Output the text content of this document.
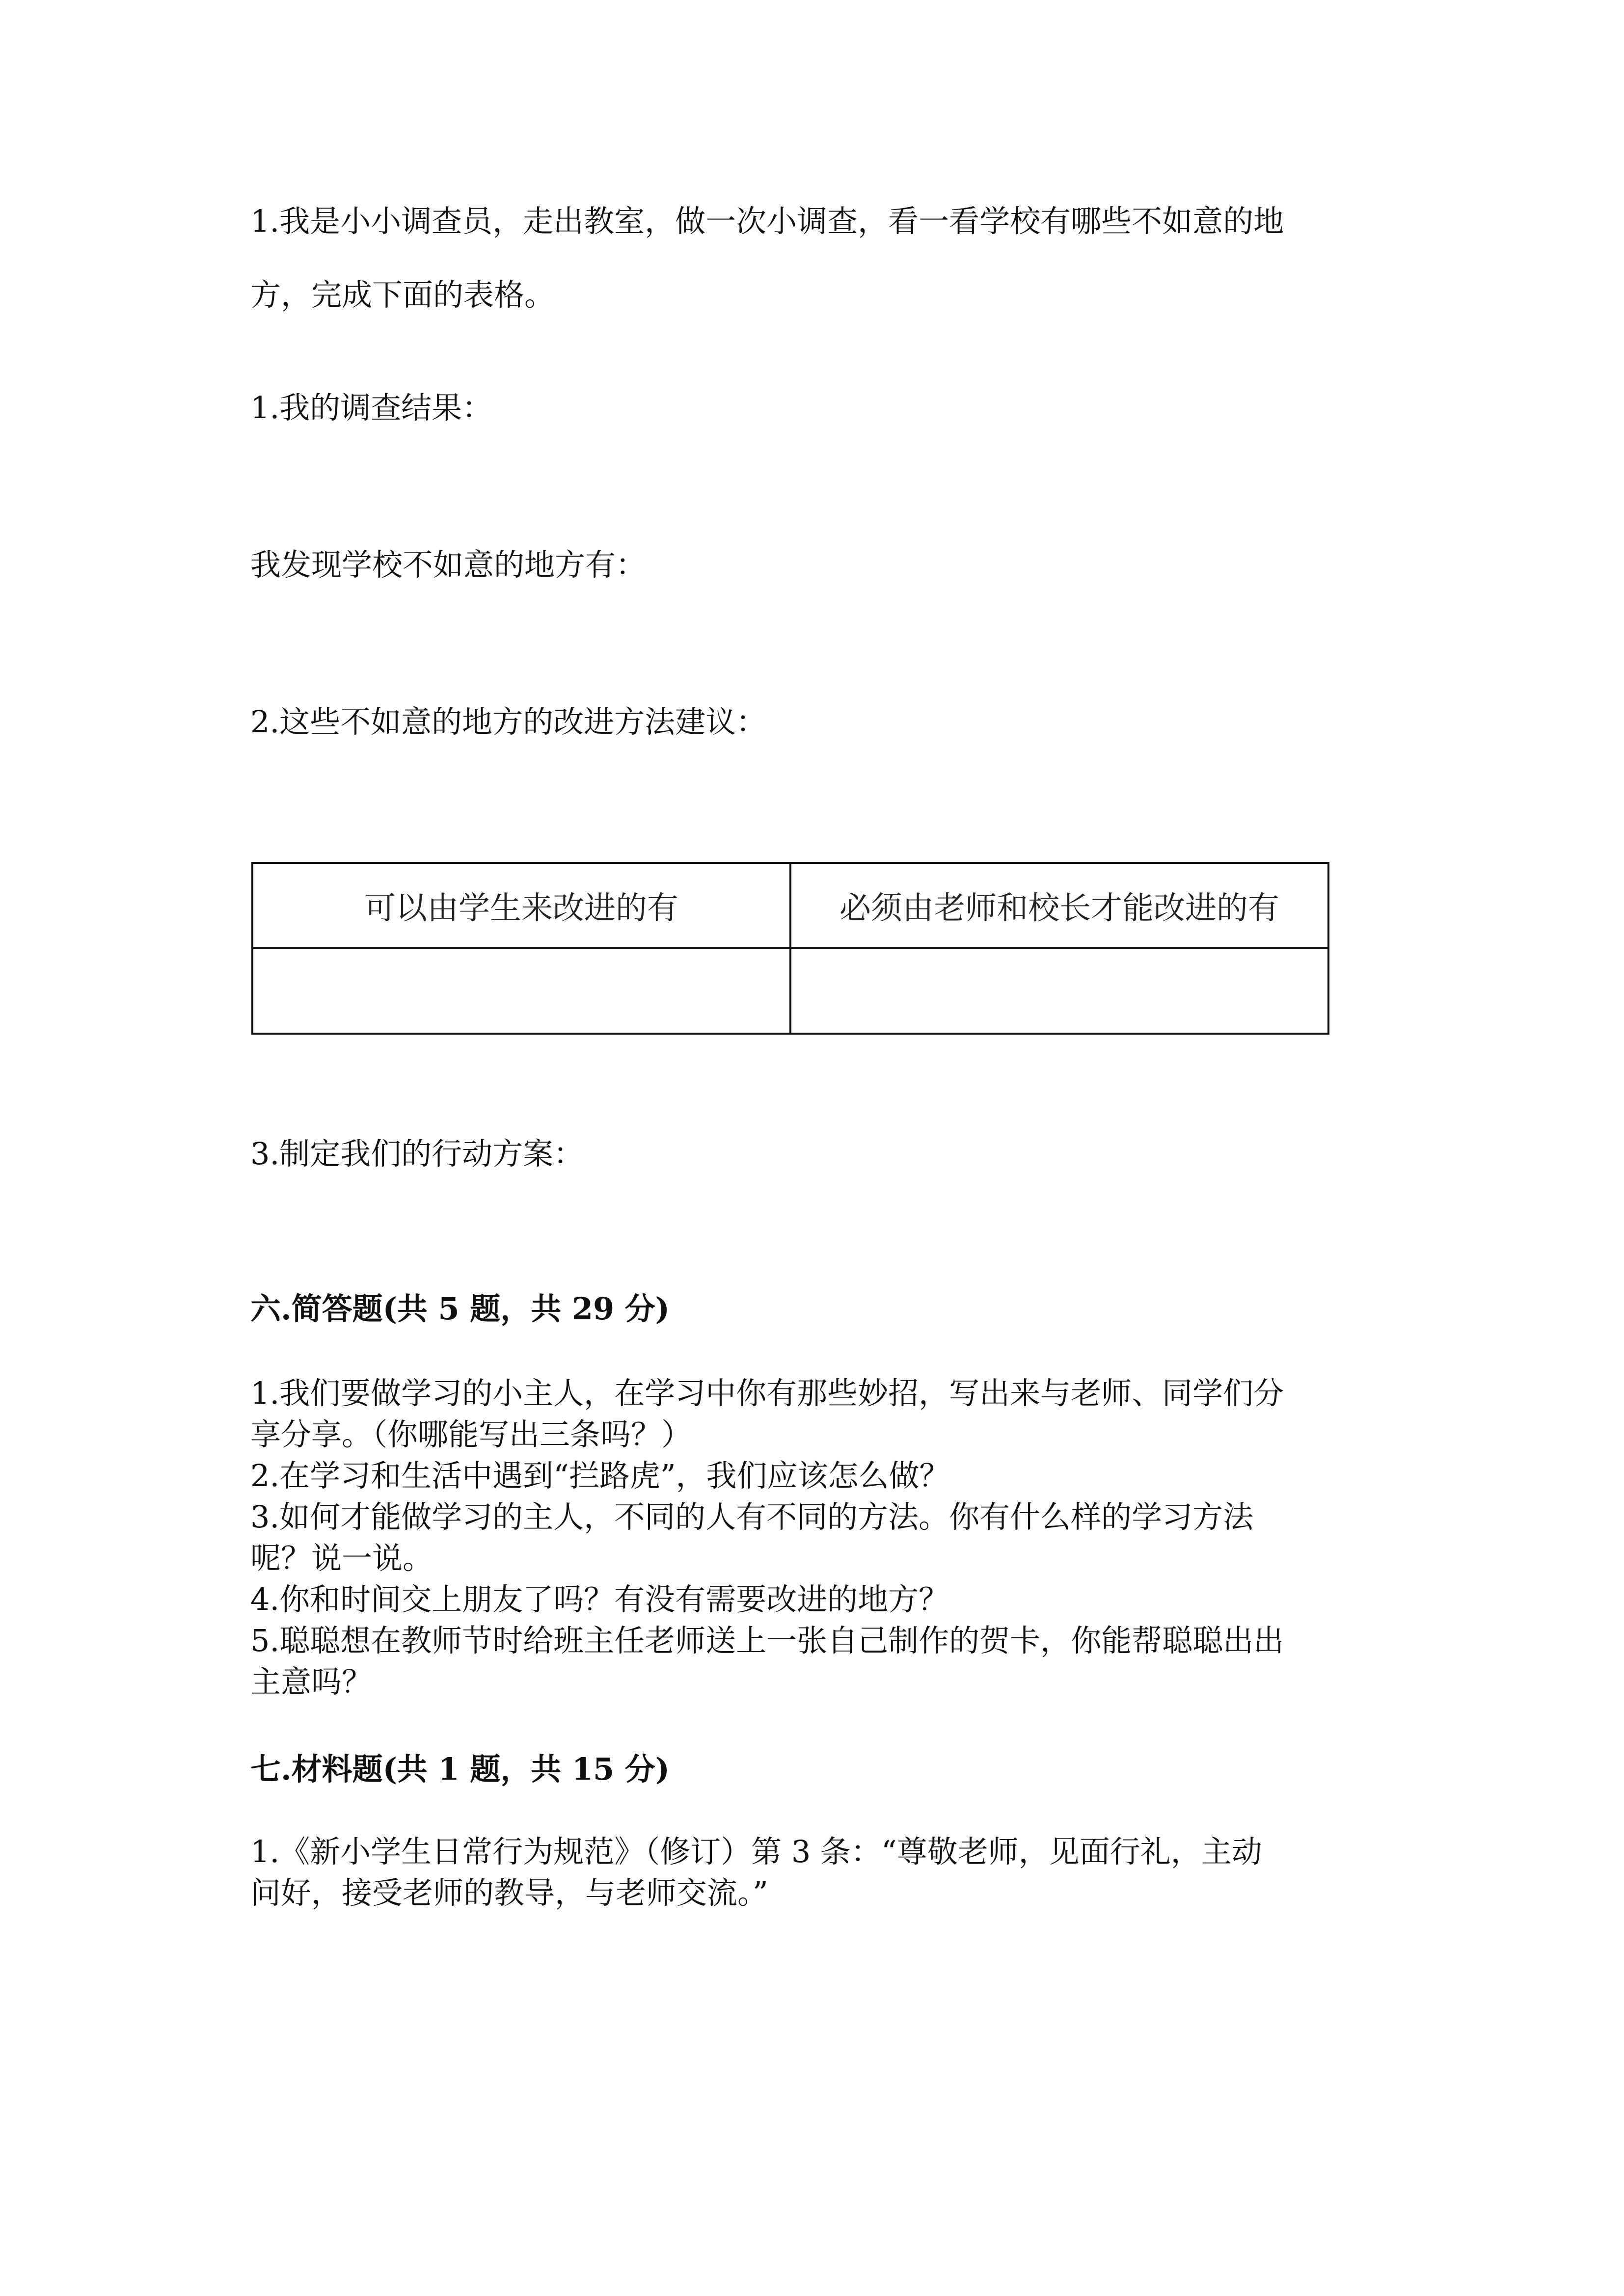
1.我是小小调查员，走出教室，做一次小调查，看一看学校有哪些不如意的地
方，完成下面的表格。
1.我的调查结果：
我发现学校不如意的地方有：
2.这些不如意的地方的改进方法建议：
可以由学生来改进的有	必须由老师和校长才能改进的有

3.制定我们的行动方案：
六.简答题(共 5 题，共 29 分)
1.我们要做学习的小主人，在学习中你有那些妙招，写出来与老师、同学们分
享分享。（你哪能写出三条吗？）
2.在学习和生活中遇到“拦路虎”，我们应该怎么做？
3.如何才能做学习的主人，不同的人有不同的方法。你有什么样的学习方法
呢？说一说。
4.你和时间交上朋友了吗？有没有需要改进的地方？
5.聪聪想在教师节时给班主任老师送上一张自己制作的贺卡，你能帮聪聪出出
主意吗？
七.材料题(共 1 题，共 15 分)
1.《新小学生日常行为规范》（修订）第 3 条：“尊敬老师，见面行礼，主动
问好，接受老师的教导，与老师交流。”
